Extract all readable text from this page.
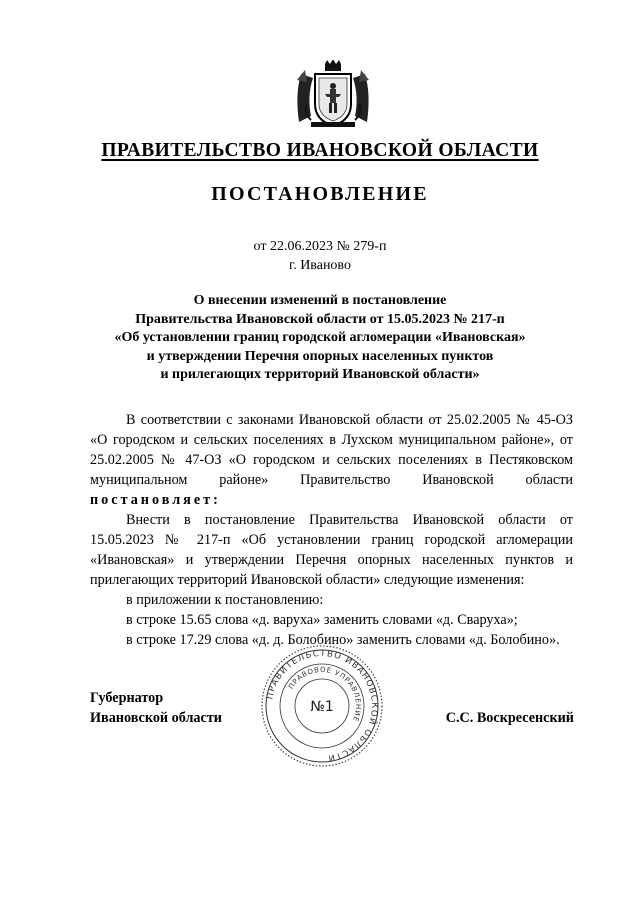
ПРАВИТЕЛЬСТВО ИВАНОВСКОЙ ОБЛАСТИ
ПОСТАНОВЛЕНИЕ
от 22.06.2023 № 279-п
г. Иваново
О внесении изменений в постановление
Правительства Ивановской области от 15.05.2023 № 217-п
«Об установлении границ городской агломерации «Ивановская»
и утверждении Перечня опорных населенных пунктов
и прилегающих территорий Ивановской области»

В соответствии с законами Ивановской области от 25.02.2005 № 45-ОЗ «О городском и сельских поселениях в Лухском муниципальном районе», от 25.02.2005 № 47-ОЗ «О городском и сельских поселениях в Пестяковском муниципальном районе» Правительство Ивановской области постановляет:

Внести в постановление Правительства Ивановской области от 15.05.2023 № 217-п «Об установлении границ городской агломерации «Ивановская» и утверждении Перечня опорных населенных пунктов и прилегающих территорий Ивановской области» следующие изменения:

в приложении к постановлению:

в строке 15.65 слова «д. варуха» заменить словами «д. Сваруха»;

в строке 17.29 слова «д. д. Болобино» заменить словами «д. Болобино».

Губернатор
Ивановской области
ПРАВИТЕЛЬСТВО ИВАНОВСКОЙ ОБЛАСТИ
ПРАВОВОЕ УПРАВЛЕНИЕ
№1
С.С. Воскресенский
